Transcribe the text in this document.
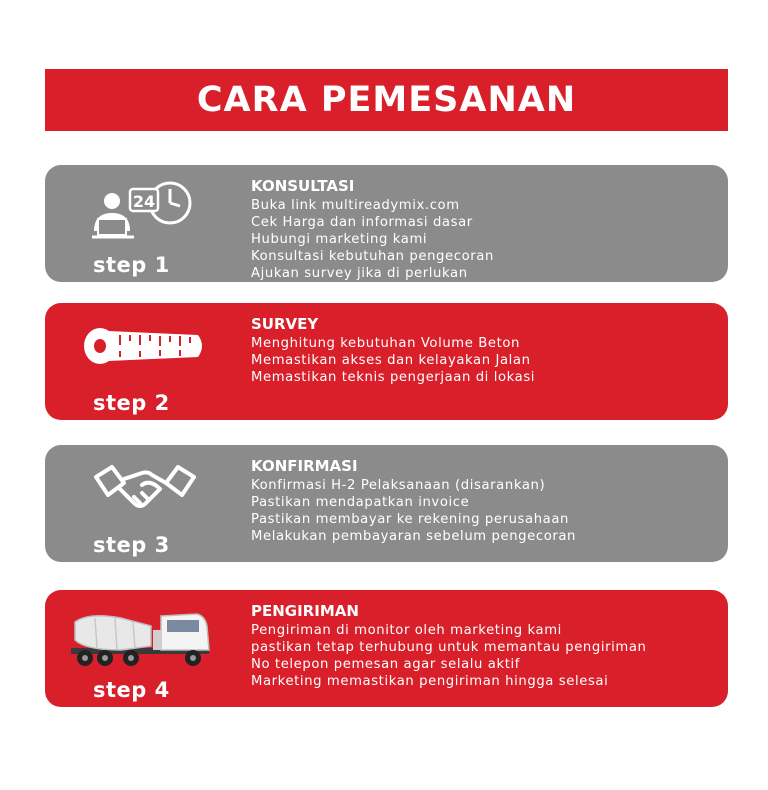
CARA PEMESANAN
24
step 1
KONSULTASI
Buka link multireadymix.com
Cek Harga dan informasi dasar
Hubungi marketing kami
Konsultasi kebutuhan pengecoran
Ajukan survey jika di perlukan
step 2
SURVEY
Menghitung kebutuhan Volume Beton
Memastikan akses dan kelayakan Jalan
Memastikan teknis pengerjaan di lokasi
step 3
KONFIRMASI
Konfirmasi H-2 Pelaksanaan (disarankan)
Pastikan mendapatkan invoice
Pastikan membayar ke rekening perusahaan
Melakukan pembayaran sebelum pengecoran
step 4
PENGIRIMAN
Pengiriman di monitor oleh marketing kami
pastikan tetap terhubung untuk memantau pengiriman
No telepon pemesan agar selalu aktif
Marketing memastikan pengiriman hingga selesai
